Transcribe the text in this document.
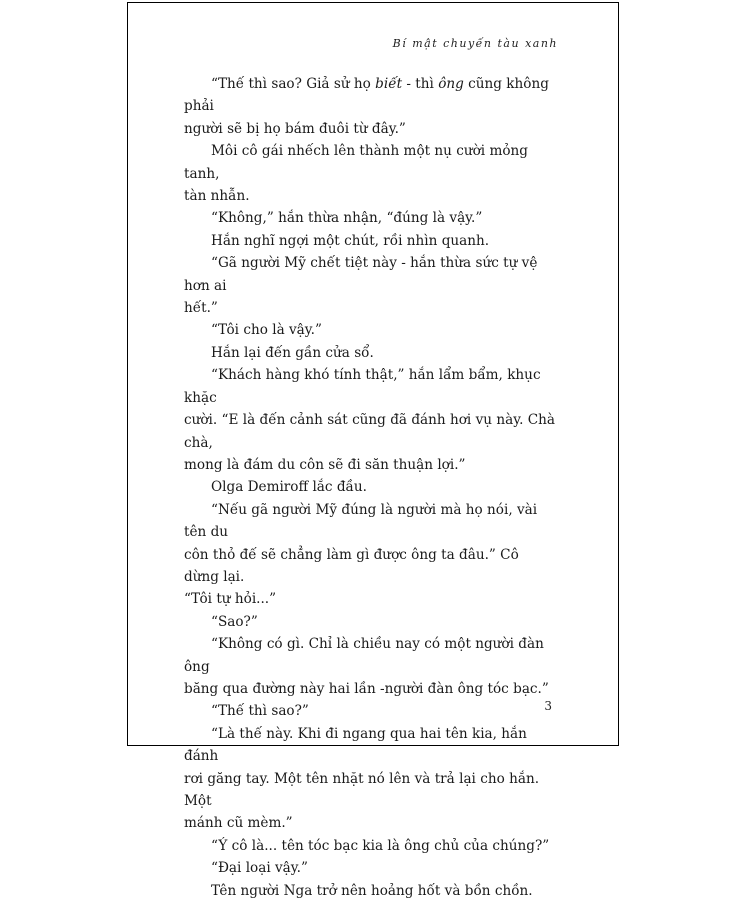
Bí mật chuyến tàu xanh

“Thế thì sao? Giả sử họ biết - thì ông cũng không phải
người sẽ bị họ bám đuôi từ đây.”

Môi cô gái nhếch lên thành một nụ cười mỏng tanh,
tàn nhẫn.

“Không,” hắn thừa nhận, “đúng là vậy.”

Hắn nghĩ ngợi một chút, rồi nhìn quanh.

“Gã người Mỹ chết tiệt này - hắn thừa sức tự vệ hơn ai
hết.”

“Tôi cho là vậy.”

Hắn lại đến gần cửa sổ.

“Khách hàng khó tính thật,” hắn lẩm bẩm, khục khặc
cười. “E là đến cảnh sát cũng đã đánh hơi vụ này. Chà chà,
mong là đám du côn sẽ đi săn thuận lợi.”

Olga Demiroff lắc đầu.

“Nếu gã người Mỹ đúng là người mà họ nói, vài tên du
côn thỏ đế sẽ chẳng làm gì được ông ta đâu.” Cô dừng lại.
“Tôi tự hỏi...”

“Sao?”

“Không có gì. Chỉ là chiều nay có một người đàn ông
băng qua đường này hai lần -người đàn ông tóc bạc.”

“Thế thì sao?”

“Là thế này. Khi đi ngang qua hai tên kia, hắn đánh
rơi găng tay. Một tên nhặt nó lên và trả lại cho hắn. Một
mánh cũ mèm.”

“Ý cô là... tên tóc bạc kia là ông chủ của chúng?”

“Đại loại vậy.”

Tên người Nga trở nên hoảng hốt và bồn chồn.

3
